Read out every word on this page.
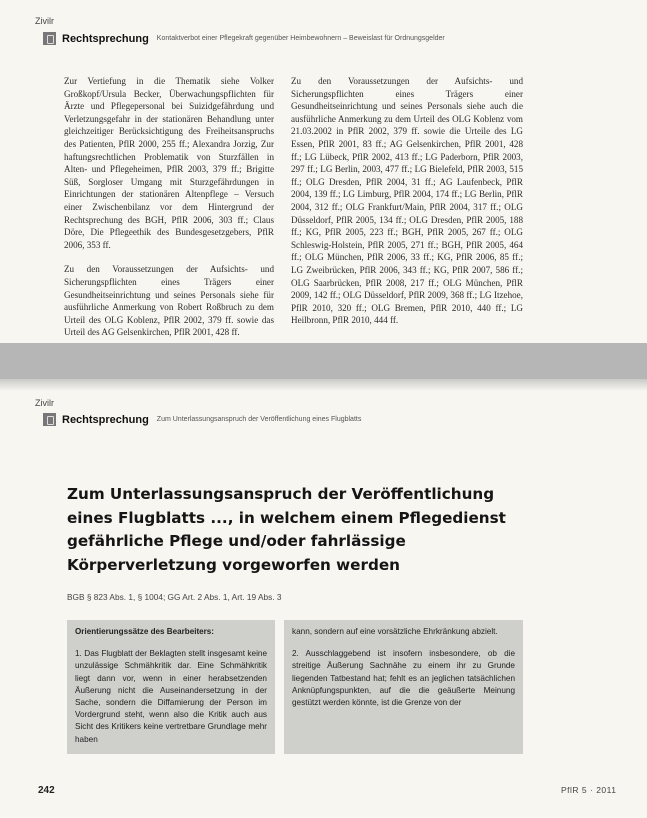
Zivilr
Rechtsprechung Kontaktverbot einer Pflegekraft gegenüber Heimbewohnern – Beweislast für Ordnungsgelder

Zur Vertiefung in die Thematik siehe Volker Großkopf/Ursula Becker, Überwachungspflichten für Ärzte und Pflegepersonal bei Suizidgefährdung und Verletzungsgefahr in der stationären Behandlung unter gleichzeitiger Berücksichtigung des Freiheitsanspruchs des Patienten, PflR 2000, 255 ff.; Alexandra Jorzig, Zur haftungsrechtlichen Problematik von Sturzfällen in Alten- und Pflegeheimen, PflR 2003, 379 ff.; Brigitte Süß, Sorgloser Umgang mit Sturzgefährdungen in Einrichtungen der stationären Altenpflege – Versuch einer Zwischenbilanz vor dem Hintergrund der Rechtsprechung des BGH, PflR 2006, 303 ff.; Claus Döre, Die Pflegeethik des Bundesgesetzgebers, PflR 2006, 353 ff.

Zu den Voraussetzungen der Aufsichts- und Sicherungspflichten eines Trägers einer Gesundheitseinrichtung und seines Personals siehe für ausführliche Anmerkung von Robert Roßbruch zu dem Urteil des OLG Koblenz, PflR 2002, 379 ff. sowie das Urteil des AG Gelsenkirchen, PflR 2001, 428 ff.

Zu den Voraussetzungen der Aufsichts- und Sicherungspflichten eines Trägers einer Gesundheitseinrichtung und seines Personals siehe auch die ausführliche Anmerkung zu dem Urteil des OLG Koblenz vom 21.03.2002 in PflR 2002, 379 ff. sowie die Urteile des LG Essen, PflR 2001, 83 ff.; AG Gelsenkirchen, PflR 2001, 428 ff.; LG Lübeck, PflR 2002, 413 ff.; LG Paderborn, PflR 2003, 297 ff.; LG Berlin, 2003, 477 ff.; LG Bielefeld, PflR 2003, 515 ff.; OLG Dresden, PflR 2004, 31 ff.; AG Laufenbeck, PflR 2004, 139 ff.; LG Limburg, PflR 2004, 174 ff.; LG Berlin, PflR 2004, 312 ff.; OLG Frankfurt/Main, PflR 2004, 317 ff.; OLG Düsseldorf, PflR 2005, 134 ff.; OLG Dresden, PflR 2005, 188 ff.; KG, PflR 2005, 223 ff.; BGH, PflR 2005, 267 ff.; OLG Schleswig-Holstein, PflR 2005, 271 ff.; BGH, PflR 2005, 464 ff.; OLG München, PflR 2006, 33 ff.; KG, PflR 2006, 85 ff.; LG Zweibrücken, PflR 2006, 343 ff.; KG, PflR 2007, 586 ff.; OLG Saarbrücken, PflR 2008, 217 ff.; OLG München, PflR 2009, 142 ff.; OLG Düsseldorf, PflR 2009, 368 ff.; LG Itzehoe, PflR 2010, 320 ff.; OLG Bremen, PflR 2010, 440 ff.; LG Heilbronn, PflR 2010, 444 ff.

Zivilr
Rechtsprechung Zum Unterlassungsanspruch der Veröffentlichung eines Flugblatts
Zum Unterlassungsanspruch der Veröffentlichung eines Flugblatts ..., in welchem einem Pflegedienst gefährliche Pflege und/oder fahrlässige Körperverletzung vorgeworfen werden
BGB § 823 Abs. 1, § 1004; GG Art. 2 Abs. 1, Art. 19 Abs. 3
Orientierungssätze des Bearbeiters:

1. Das Flugblatt der Beklagten stellt insgesamt keine unzulässige Schmähkritik dar. Eine Schmähkritik liegt dann vor, wenn in einer herabsetzenden Äußerung nicht die Auseinandersetzung in der Sache, sondern die Diffamierung der Person im Vordergrund steht, wenn also die Kritik auch aus Sicht des Kritikers keine vertretbare Grundlage mehr haben

kann, sondern auf eine vorsätzliche Ehrkränkung abzielt.

2. Ausschlaggebend ist insofern insbesondere, ob die streitige Äußerung Sachnähe zu einem ihr zu Grunde liegenden Tatbestand hat; fehlt es an jeglichen tatsächlichen Anknüpfungspunkten, auf die die geäußerte Meinung gestützt werden könnte, ist die Grenze von der

242	PflR 5 · 2011
